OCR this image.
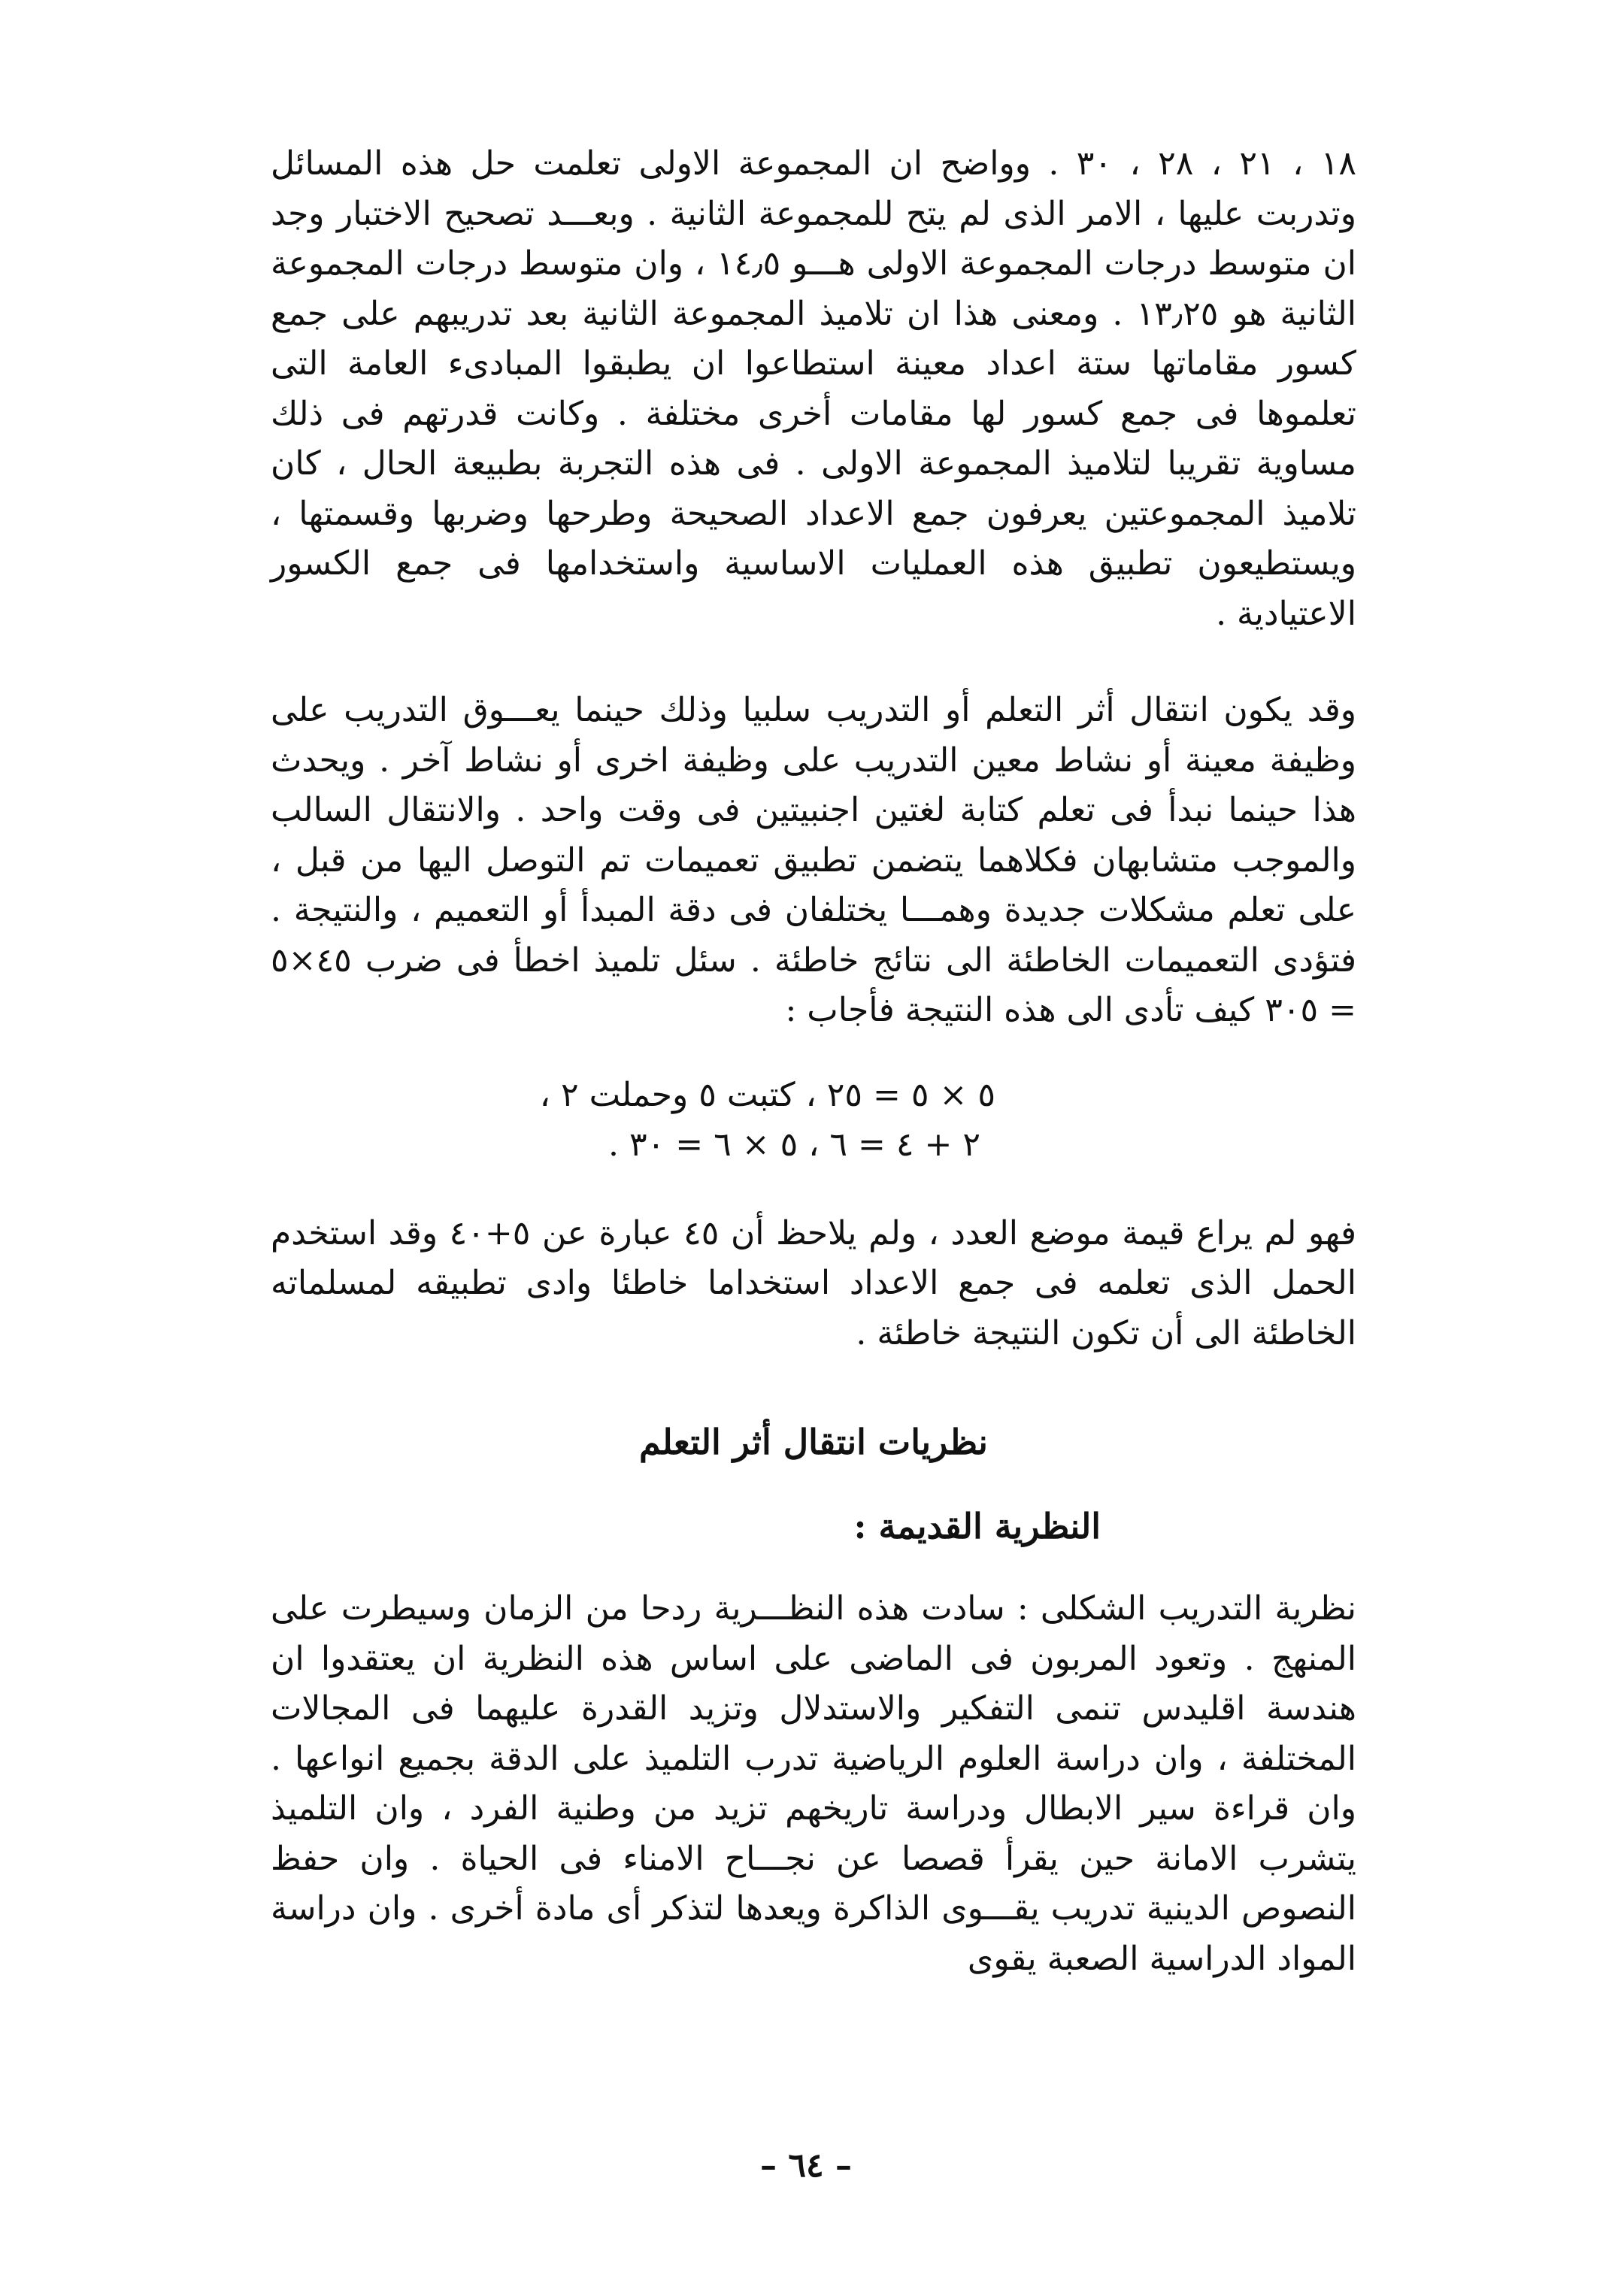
١٨ ، ٢١ ، ٢٨ ، ٣٠ . وواضح ان المجموعة الاولى تعلمت حل هذه المسائل وتدربت عليها ، الامر الذى لم يتح للمجموعة الثانية . وبعـــد تصحيح الاختبار وجد ان متوسط درجات المجموعة الاولى هـــو ١٤٫٥ ، وان متوسط درجات المجموعة الثانية هو ١٣٫٢٥ . ومعنى هذا ان تلاميذ المجموعة الثانية بعد تدريبهم على جمع كسور مقاماتها ستة اعداد معينة استطاعوا ان يطبقوا المبادىء العامة التى تعلموها فى جمع كسور لها مقامات أخرى مختلفة . وكانت قدرتهم فى ذلك مساوية تقريبا لتلاميذ المجموعة الاولى . فى هذه التجربة بطبيعة الحال ، كان تلاميذ المجموعتين يعرفون جمع الاعداد الصحيحة وطرحها وضربها وقسمتها ، ويستطيعون تطبيق هذه العمليات الاساسية واستخدامها فى جمع الكسور الاعتيادية .

وقد يكون انتقال أثر التعلم أو التدريب سلبيا وذلك حينما يعـــوق التدريب على وظيفة معينة أو نشاط معين التدريب على وظيفة اخرى أو نشاط آخر . ويحدث هذا حينما نبدأ فى تعلم كتابة لغتين اجنبيتين فى وقت واحد . والانتقال السالب والموجب متشابهان فكلاهما يتضمن تطبيق تعميمات تم التوصل اليها من قبل ، على تعلم مشكلات جديدة وهمـــا يختلفان فى دقة المبدأ أو التعميم ، والنتيجة . فتؤدى التعميمات الخاطئة الى نتائج خاطئة . سئل تلميذ اخطأ فى ضرب ٤٥×٥ = ٣٠٥ كيف تأدى الى هذه النتيجة فأجاب :

٥ × ٥ = ٢٥ ، كتبت ٥ وحملت ٢ ،

٢ + ٤ = ٦ ، ٥ × ٦ = ٣٠ .

فهو لم يراع قيمة موضع العدد ، ولم يلاحظ أن ٤٥ عبارة عن ٥+٤٠ وقد استخدم الحمل الذى تعلمه فى جمع الاعداد استخداما خاطئا وادى تطبيقه لمسلماته الخاطئة الى أن تكون النتيجة خاطئة .

نظريات انتقال أثر التعلم
النظرية القديمة :

نظرية التدريب الشكلى : سادت هذه النظـــرية ردحا من الزمان وسيطرت على المنهج . وتعود المربون فى الماضى على اساس هذه النظرية ان يعتقدوا ان هندسة اقليدس تنمى التفكير والاستدلال وتزيد القدرة عليهما فى المجالات المختلفة ، وان دراسة العلوم الرياضية تدرب التلميذ على الدقة بجميع انواعها . وان قراءة سير الابطال ودراسة تاريخهم تزيد من وطنية الفرد ، وان التلميذ يتشرب الامانة حين يقرأ قصصا عن نجـــاح الامناء فى الحياة . وان حفظ النصوص الدينية تدريب يقـــوى الذاكرة ويعدها لتذكر أى مادة أخرى . وان دراسة المواد الدراسية الصعبة يقوى

– ٦٤ –
